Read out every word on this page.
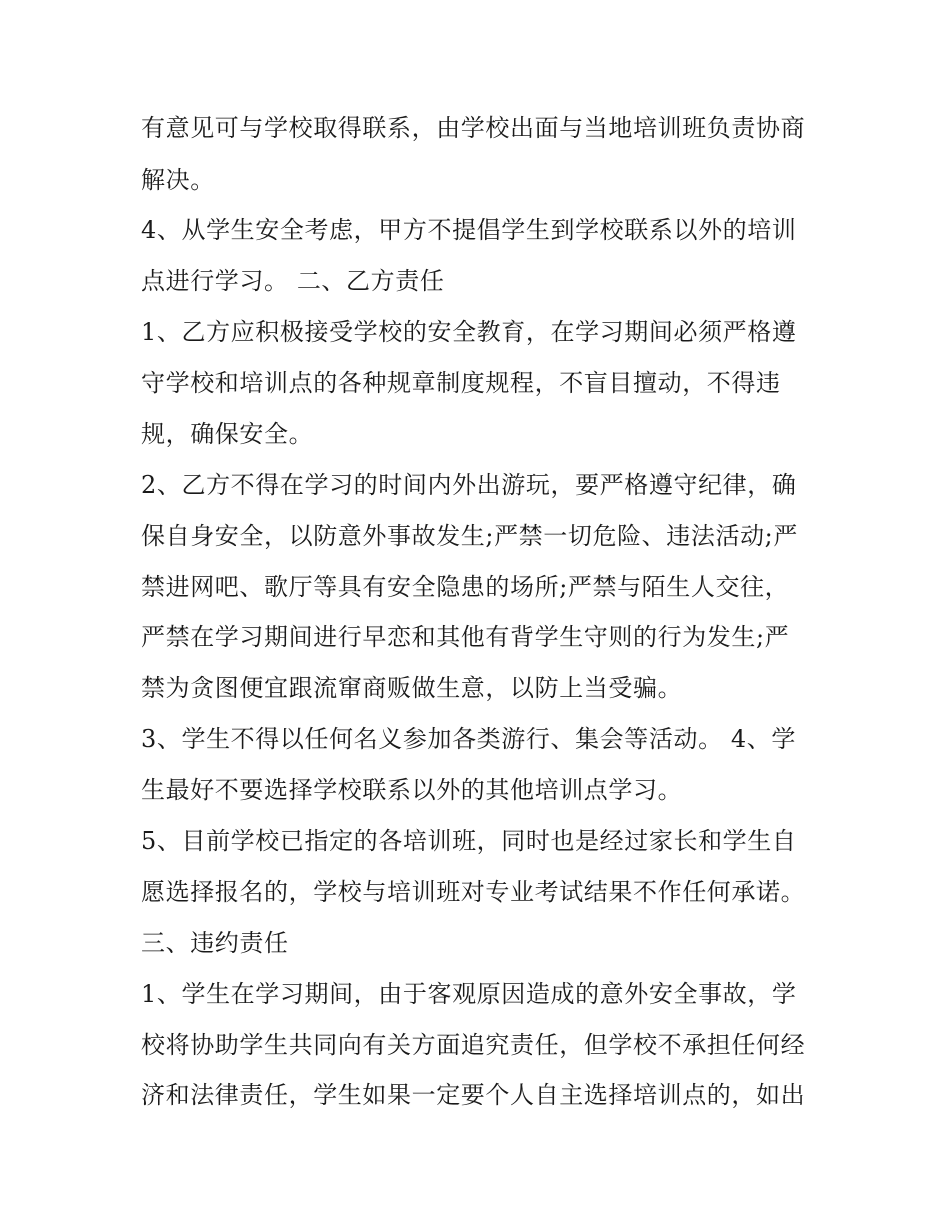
有意见可与学校取得联系，由学校出面与当地培训班负责协商
解决。
4、从学生安全考虑，甲方不提倡学生到学校联系以外的培训
点进行学习。 二、乙方责任
1、乙方应积极接受学校的安全教育，在学习期间必须严格遵
守学校和培训点的各种规章制度规程，不盲目擅动，不得违
规，确保安全。
2、乙方不得在学习的时间内外出游玩，要严格遵守纪律，确
保自身安全，以防意外事故发生;严禁一切危险、违法活动;严
禁进网吧、歌厅等具有安全隐患的场所;严禁与陌生人交往，
严禁在学习期间进行早恋和其他有背学生守则的行为发生;严
禁为贪图便宜跟流窜商贩做生意，以防上当受骗。
3、学生不得以任何名义参加各类游行、集会等活动。 4、学
生最好不要选择学校联系以外的其他培训点学习。
5、目前学校已指定的各培训班，同时也是经过家长和学生自
愿选择报名的，学校与培训班对专业考试结果不作任何承诺。
三、违约责任
1、学生在学习期间，由于客观原因造成的意外安全事故，学
校将协助学生共同向有关方面追究责任，但学校不承担任何经
济和法律责任，学生如果一定要个人自主选择培训点的，如出
